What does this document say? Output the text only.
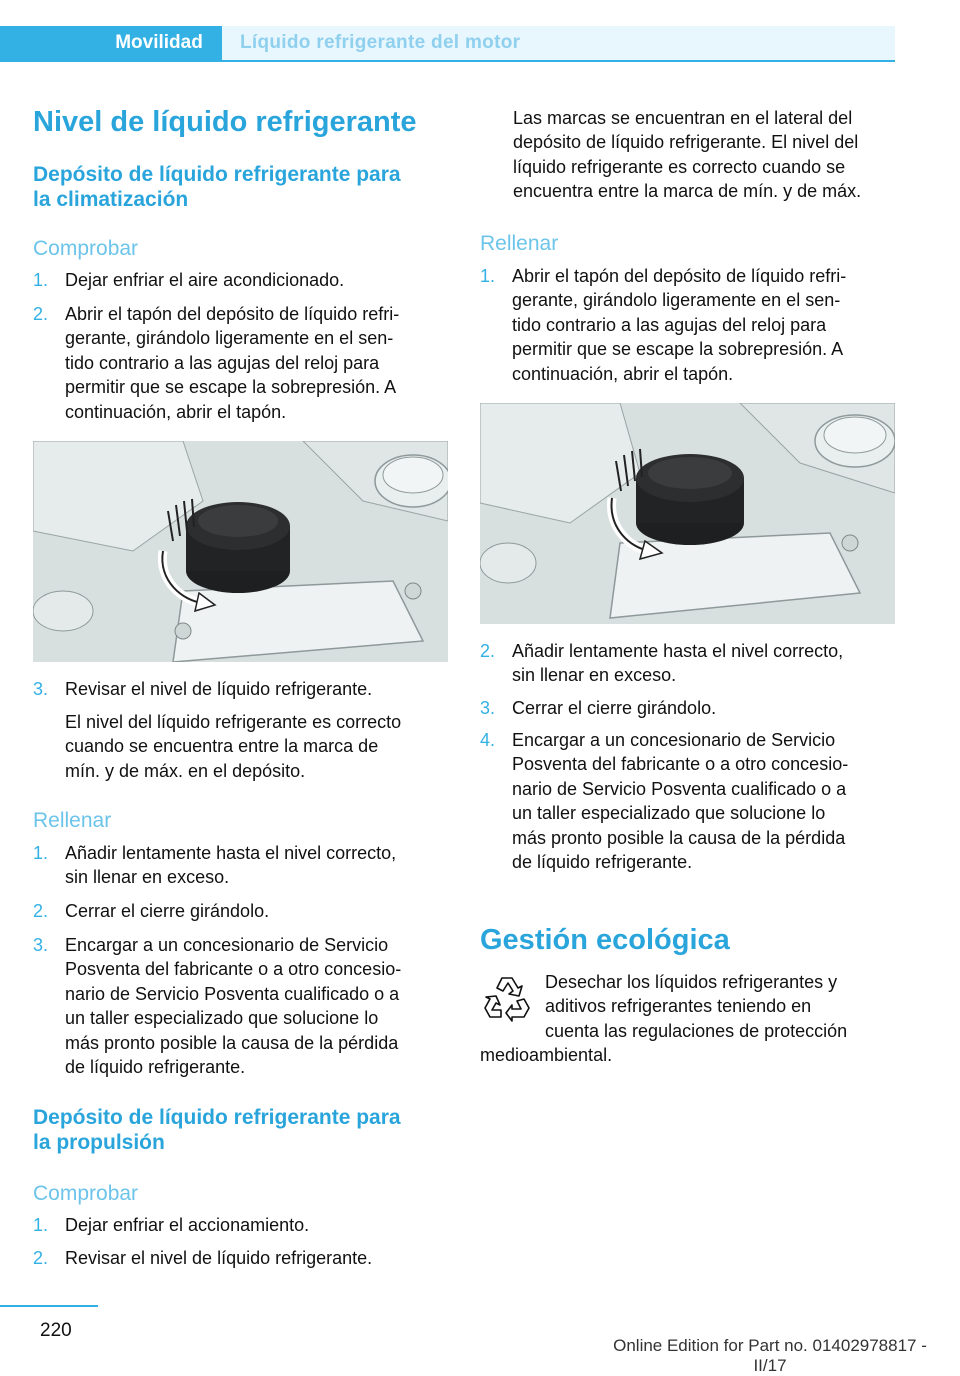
Movilidad	Líquido refrigerante del motor
Nivel de líquido refrigerante
Depósito de líquido refrigerante para
la climatización
Comprobar
1. Dejar enfriar el aire acondicionado.
2. Abrir el tapón del depósito de líquido refri‐
gerante, girándolo ligeramente en el sen‐
tido contrario a las agujas del reloj para
permitir que se escape la sobrepresión. A
continuación, abrir el tapón.
3. Revisar el nivel de líquido refrigerante.
El nivel del líquido refrigerante es correcto
cuando se encuentra entre la marca de
mín. y de máx. en el depósito.
Rellenar
1. Añadir lentamente hasta el nivel correcto,
sin llenar en exceso.
2. Cerrar el cierre girándolo.
3. Encargar a un concesionario de Servicio
Posventa del fabricante o a otro concesio‐
nario de Servicio Posventa cualificado o a
un taller especializado que solucione lo
más pronto posible la causa de la pérdida
de líquido refrigerante.
Depósito de líquido refrigerante para
la propulsión
Comprobar
1. Dejar enfriar el accionamiento.
2. Revisar el nivel de líquido refrigerante.
Las marcas se encuentran en el lateral del
depósito de líquido refrigerante. El nivel del
líquido refrigerante es correcto cuando se
encuentra entre la marca de mín. y de máx.
Rellenar
1. Abrir el tapón del depósito de líquido refri‐
gerante, girándolo ligeramente en el sen‐
tido contrario a las agujas del reloj para
permitir que se escape la sobrepresión. A
continuación, abrir el tapón.
2. Añadir lentamente hasta el nivel correcto,
sin llenar en exceso.
3. Cerrar el cierre girándolo.
4. Encargar a un concesionario de Servicio
Posventa del fabricante o a otro concesio‐
nario de Servicio Posventa cualificado o a
un taller especializado que solucione lo
más pronto posible la causa de la pérdida
de líquido refrigerante.
Gestión ecológica
Desechar los líquidos refrigerantes y
aditivos refrigerantes teniendo en
cuenta las regulaciones de protección
medioambiental.
220
Online Edition for Part no. 01402978817 - II/17
